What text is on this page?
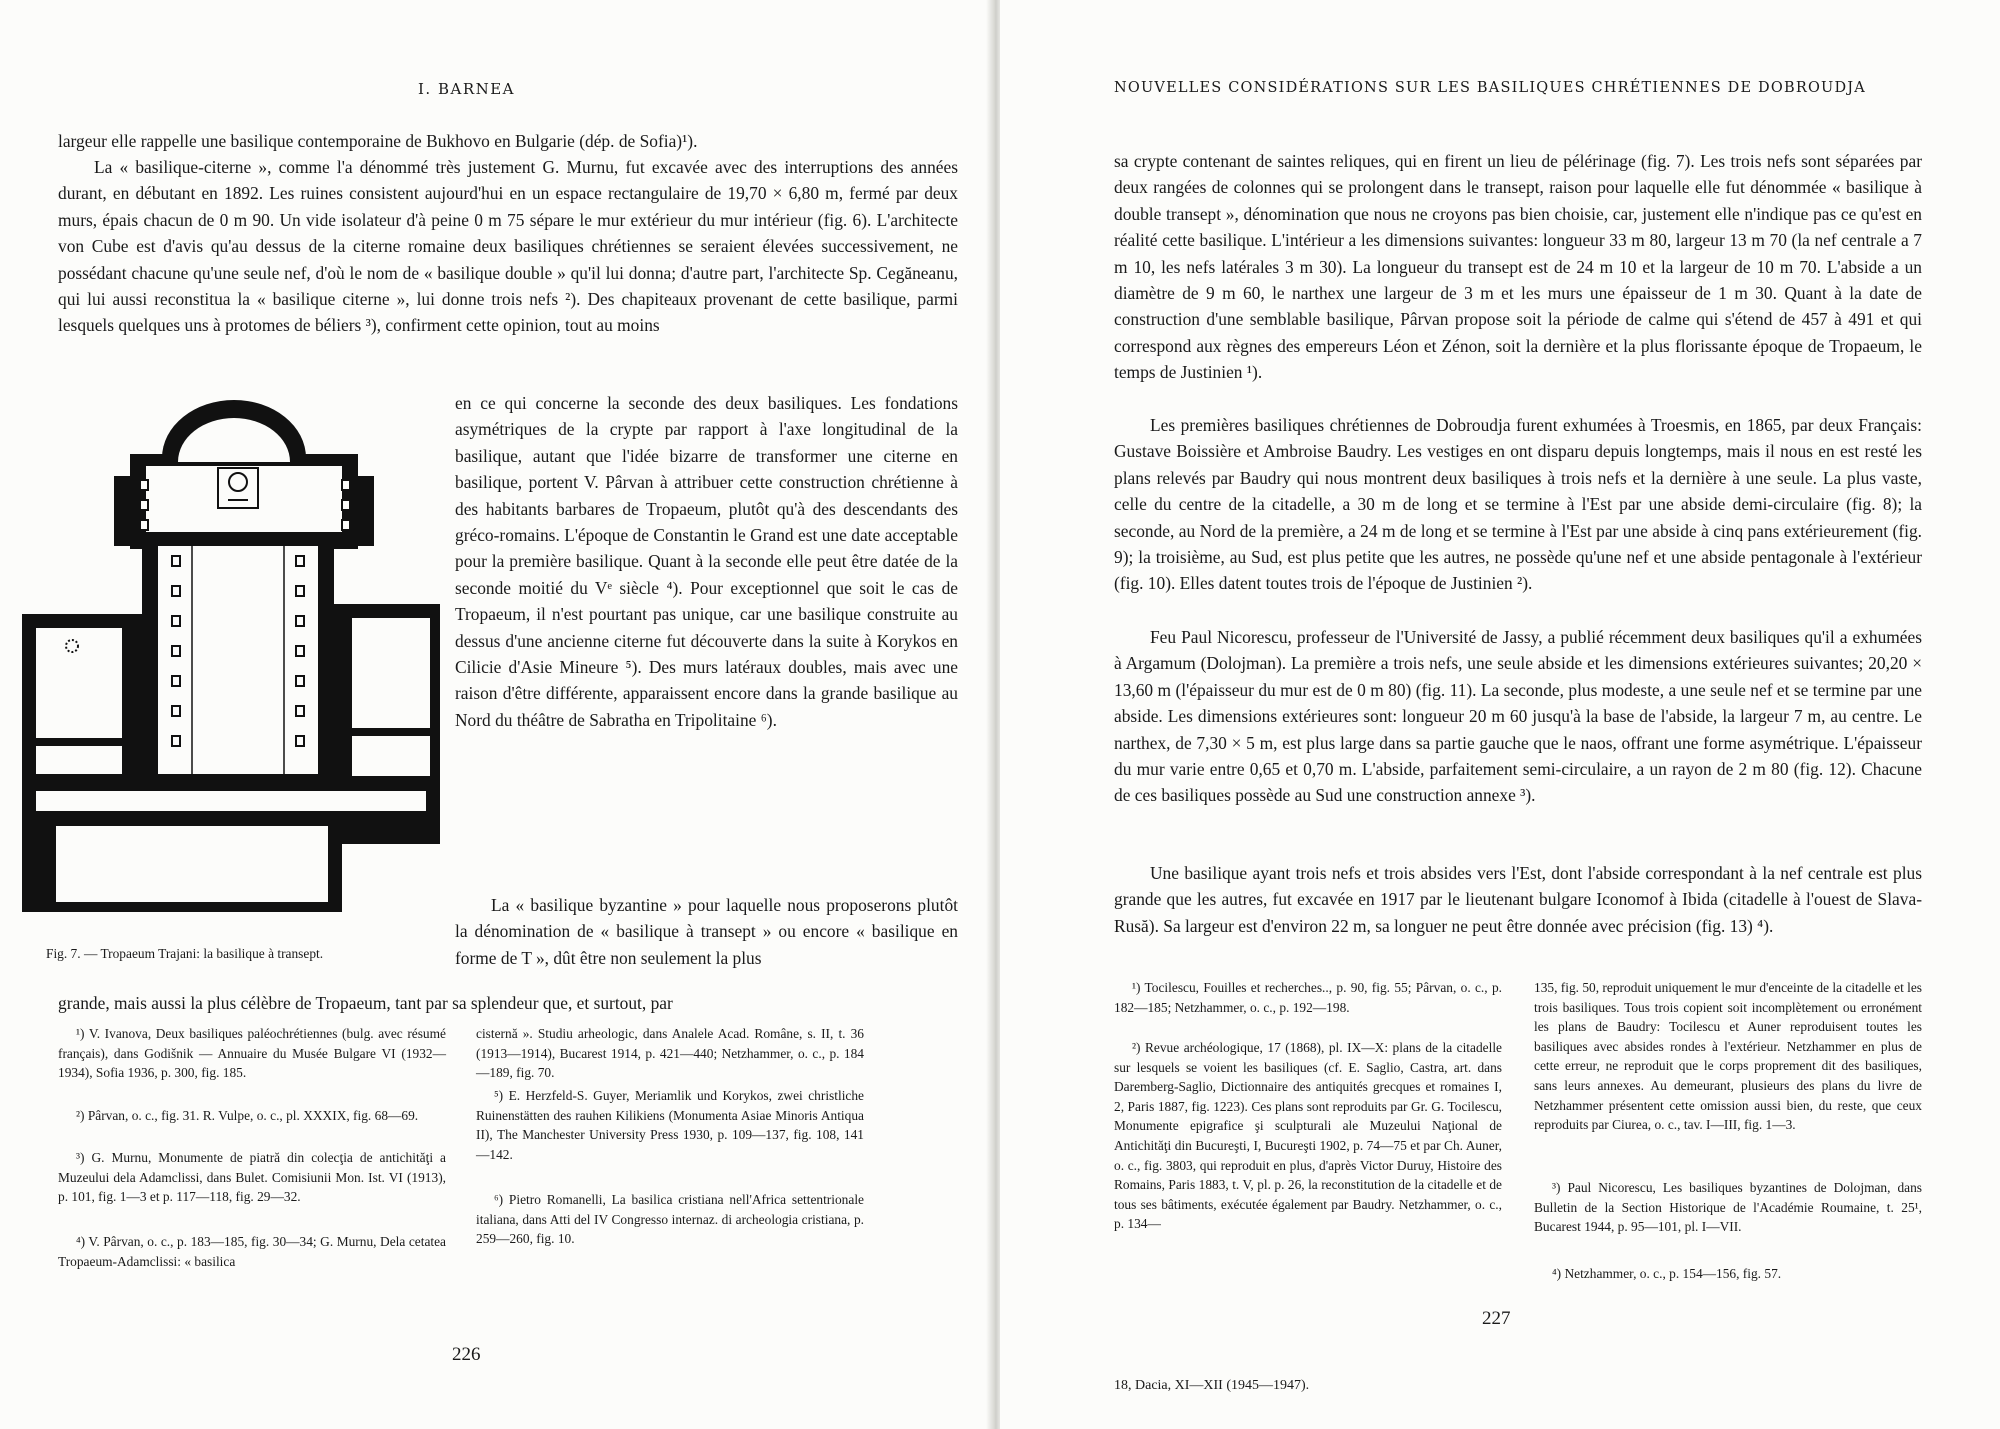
I. BARNEA
largeur elle rappelle une basilique contemporaine de Bukhovo en Bulgarie (dép. de Sofia)¹).
La « basilique-citerne », comme l'a dénommé très justement G. Murnu, fut excavée avec des interruptions des années durant, en débutant en 1892. Les ruines consistent aujourd'hui en un espace rectangulaire de 19,70 × 6,80 m, fermé par deux murs, épais chacun de 0 m 90. Un vide isolateur d'à peine 0 m 75 sépare le mur extérieur du mur intérieur (fig. 6). L'architecte von Cube est d'avis qu'au dessus de la citerne romaine deux basiliques chrétiennes se seraient élevées successivement, ne possédant chacune qu'une seule nef, d'où le nom de « basilique double » qu'il lui donna; d'autre part, l'architecte Sp. Cegăneanu, qui lui aussi reconstitua la « basilique citerne », lui donne trois nefs ²). Des chapiteaux provenant de cette basilique, parmi lesquels quelques uns à protomes de béliers ³), confirment cette opinion, tout au moins
Fig. 7. — Tropaeum Trajani: la basilique à transept.
en ce qui concerne la seconde des deux basiliques. Les fondations asymétriques de la crypte par rapport à l'axe longitudinal de la basilique, autant que l'idée bizarre de transformer une citerne en basilique, portent V. Pârvan à attribuer cette construction chrétienne à des habitants barbares de Tropaeum, plutôt qu'à des descendants des gréco-romains. L'époque de Constantin le Grand est une date acceptable pour la première basilique. Quant à la seconde elle peut être datée de la seconde moitié du Vᵉ siècle ⁴). Pour exceptionnel que soit le cas de Tropaeum, il n'est pourtant pas unique, car une basilique construite au dessus d'une ancienne citerne fut découverte dans la suite à Korykos en Cilicie d'Asie Mineure ⁵). Des murs latéraux doubles, mais avec une raison d'être différente, apparaissent encore dans la grande basilique au Nord du théâtre de Sabratha en Tripolitaine ⁶).
La « basilique byzantine » pour laquelle nous proposerons plutôt la dénomination de « basilique à transept » ou encore « basilique en forme de T », dût être non seulement la plus
grande, mais aussi la plus célèbre de Tropaeum, tant par sa splendeur que, et surtout, par
¹) V. Ivanova, Deux basiliques paléochrétiennes (bulg. avec résumé français), dans Godišnik — Annuaire du Musée Bulgare VI (1932—1934), Sofia 1936, p. 300, fig. 185.
²) Pârvan, o. c., fig. 31. R. Vulpe, o. c., pl. XXXIX, fig. 68—69.
³) G. Murnu, Monumente de piatră din colecţia de antichităţi a Muzeului dela Adamclissi, dans Bulet. Comisiunii Mon. Ist. VI (1913), p. 101, fig. 1—3 et p. 117—118, fig. 29—32.
⁴) V. Pârvan, o. c., p. 183—185, fig. 30—34; G. Murnu, Dela cetatea Tropaeum-Adamclissi: « basilica
cisternă ». Studiu arheologic, dans Analele Acad. Române, s. II, t. 36 (1913—1914), Bucarest 1914, p. 421—440; Netzhammer, o. c., p. 184—189, fig. 70.
⁵) E. Herzfeld-S. Guyer, Meriamlik und Korykos, zwei christliche Ruinenstätten des rauhen Kilikiens (Monumenta Asiae Minoris Antiqua II), The Manchester University Press 1930, p. 109—137, fig. 108, 141—142.
⁶) Pietro Romanelli, La basilica cristiana nell'Africa settentrionale italiana, dans Atti del IV Congresso internaz. di archeologia cristiana, p. 259—260, fig. 10.
226
NOUVELLES CONSIDÉRATIONS SUR LES BASILIQUES CHRÉTIENNES DE DOBROUDJA
sa crypte contenant de saintes reliques, qui en firent un lieu de pélérinage (fig. 7). Les trois nefs sont séparées par deux rangées de colonnes qui se prolongent dans le transept, raison pour laquelle elle fut dénommée « basilique à double transept », dénomination que nous ne croyons pas bien choisie, car, justement elle n'indique pas ce qu'est en réalité cette basilique. L'intérieur a les dimensions suivantes: longueur 33 m 80, largeur 13 m 70 (la nef centrale a 7 m 10, les nefs latérales 3 m 30). La longueur du transept est de 24 m 10 et la largeur de 10 m 70. L'abside a un diamètre de 9 m 60, le narthex une largeur de 3 m et les murs une épaisseur de 1 m 30. Quant à la date de construction d'une semblable basilique, Pârvan propose soit la période de calme qui s'étend de 457 à 491 et qui correspond aux règnes des empereurs Léon et Zénon, soit la dernière et la plus florissante époque de Tropaeum, le temps de Justinien ¹).
Les premières basiliques chrétiennes de Dobroudja furent exhumées à Troesmis, en 1865, par deux Français: Gustave Boissière et Ambroise Baudry. Les vestiges en ont disparu depuis longtemps, mais il nous en est resté les plans relevés par Baudry qui nous montrent deux basiliques à trois nefs et la dernière à une seule. La plus vaste, celle du centre de la citadelle, a 30 m de long et se termine à l'Est par une abside demi-circulaire (fig. 8); la seconde, au Nord de la première, a 24 m de long et se termine à l'Est par une abside à cinq pans extérieurement (fig. 9); la troisième, au Sud, est plus petite que les autres, ne possède qu'une nef et une abside pentagonale à l'extérieur (fig. 10). Elles datent toutes trois de l'époque de Justinien ²).
Feu Paul Nicorescu, professeur de l'Université de Jassy, a publié récemment deux basiliques qu'il a exhumées à Argamum (Dolojman). La première a trois nefs, une seule abside et les dimensions extérieures suivantes; 20,20 × 13,60 m (l'épaisseur du mur est de 0 m 80) (fig. 11). La seconde, plus modeste, a une seule nef et se termine par une abside. Les dimensions extérieures sont: longueur 20 m 60 jusqu'à la base de l'abside, la largeur 7 m, au centre. Le narthex, de 7,30 × 5 m, est plus large dans sa partie gauche que le naos, offrant une forme asymétrique. L'épaisseur du mur varie entre 0,65 et 0,70 m. L'abside, parfaitement semi-circulaire, a un rayon de 2 m 80 (fig. 12). Chacune de ces basiliques possède au Sud une construction annexe ³).
Une basilique ayant trois nefs et trois absides vers l'Est, dont l'abside correspondant à la nef centrale est plus grande que les autres, fut excavée en 1917 par le lieutenant bulgare Iconomof à Ibida (citadelle à l'ouest de Slava-Rusă). Sa largeur est d'environ 22 m, sa longuer ne peut être donnée avec précision (fig. 13) ⁴).
¹) Tocilescu, Fouilles et recherches.., p. 90, fig. 55; Pârvan, o. c., p. 182—185; Netzhammer, o. c., p. 192—198.
²) Revue archéologique, 17 (1868), pl. IX—X: plans de la citadelle sur lesquels se voient les basiliques (cf. E. Saglio, Castra, art. dans Daremberg-Saglio, Dictionnaire des antiquités grecques et romaines I, 2, Paris 1887, fig. 1223). Ces plans sont reproduits par Gr. G. Tocilescu, Monumente epigrafice şi sculpturali ale Muzeului Naţional de Antichităţi din Bucureşti, I, Bucureşti 1902, p. 74—75 et par Ch. Auner, o. c., fig. 3803, qui reproduit en plus, d'après Victor Duruy, Histoire des Romains, Paris 1883, t. V, pl. p. 26, la reconstitution de la citadelle et de tous ses bâtiments, exécutée également par Baudry. Netzhammer, o. c., p. 134—
135, fig. 50, reproduit uniquement le mur d'enceinte de la citadelle et les trois basiliques. Tous trois copient soit incomplètement ou erronément les plans de Baudry: Tocilescu et Auner reproduisent toutes les basiliques avec absides rondes à l'extérieur. Netzhammer en plus de cette erreur, ne reproduit que le corps proprement dit des basiliques, sans leurs annexes. Au demeurant, plusieurs des plans du livre de Netzhammer présentent cette omission aussi bien, du reste, que ceux reproduits par Ciurea, o. c., tav. I—III, fig. 1—3.
³) Paul Nicorescu, Les basiliques byzantines de Dolojman, dans Bulletin de la Section Historique de l'Académie Roumaine, t. 25¹, Bucarest 1944, p. 95—101, pl. I—VII.
⁴) Netzhammer, o. c., p. 154—156, fig. 57.
227
18, Dacia, XI—XII (1945—1947).
